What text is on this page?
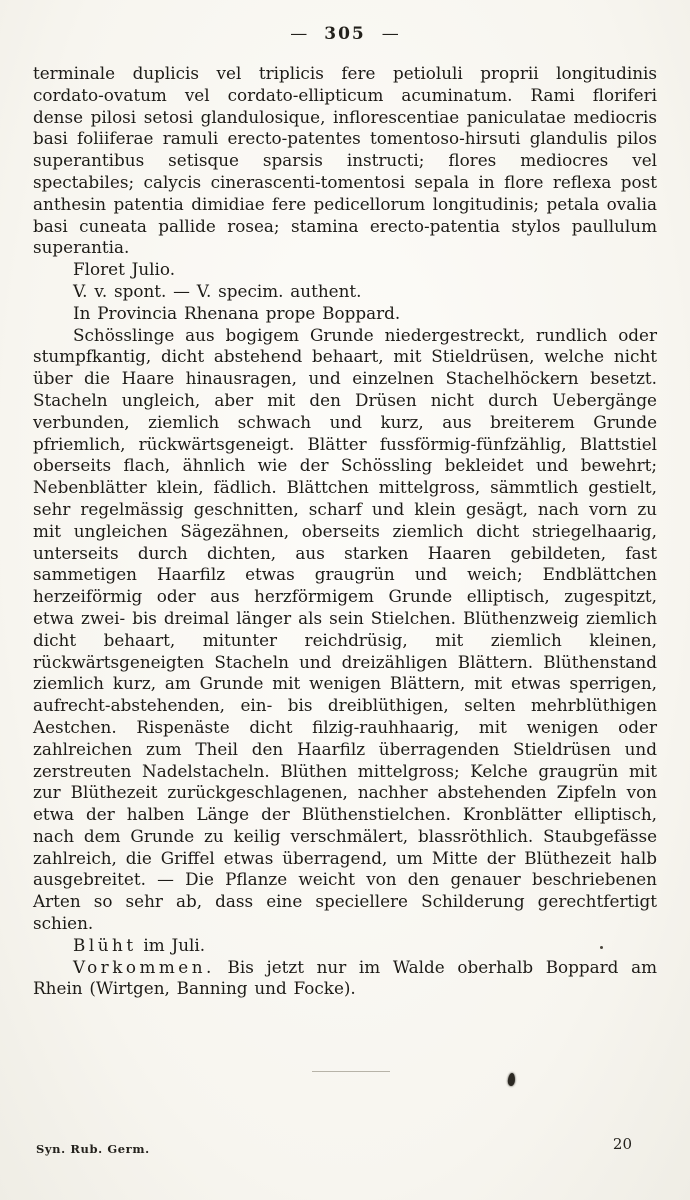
— 305 —

terminale duplicis vel triplicis fere petioluli proprii longitudinis cordato-ovatum vel cordato-ellipticum acuminatum. Rami floriferi dense pilosi setosi glandulosique, inflorescentiae paniculatae mediocris basi foliiferae ramuli erecto-patentes tomentoso-hirsuti glandulis pilos superantibus setisque sparsis instructi; flores mediocres vel spectabiles; calycis cinerascenti-tomentosi sepala in flore reflexa post anthesin patentia dimidiae fere pedicellorum longitudinis; petala ovalia basi cuneata pallide rosea; stamina erecto-patentia stylos paullulum superantia.

Floret Julio.

V. v. spont. — V. specim. authent.

In Provincia Rhenana prope Boppard.

Schösslinge aus bogigem Grunde niedergestreckt, rundlich oder stumpfkantig, dicht abstehend behaart, mit Stieldrüsen, welche nicht über die Haare hinausragen, und einzelnen Stachelhöckern besetzt. Stacheln ungleich, aber mit den Drüsen nicht durch Uebergänge verbunden, ziemlich schwach und kurz, aus breiterem Grunde pfriemlich, rückwärtsgeneigt. Blätter fussförmig-fünfzählig, Blattstiel oberseits flach, ähnlich wie der Schössling bekleidet und bewehrt; Nebenblätter klein, fädlich. Blättchen mittelgross, sämmtlich gestielt, sehr regelmässig geschnitten, scharf und klein gesägt, nach vorn zu mit ungleichen Sägezähnen, oberseits ziemlich dicht striegelhaarig, unterseits durch dichten, aus starken Haaren gebildeten, fast sammetigen Haarfilz etwas graugrün und weich; Endblättchen herzeiförmig oder aus herzförmigem Grunde elliptisch, zugespitzt, etwa zwei- bis dreimal länger als sein Stielchen. Blüthenzweig ziemlich dicht behaart, mitunter reichdrüsig, mit ziemlich kleinen, rückwärtsgeneigten Stacheln und dreizähligen Blättern. Blüthenstand ziemlich kurz, am Grunde mit wenigen Blättern, mit etwas sperrigen, aufrecht-abstehenden, ein- bis dreiblüthigen, selten mehrblüthigen Aestchen. Rispenäste dicht filzig-rauhhaarig, mit wenigen oder zahlreichen zum Theil den Haarfilz überragenden Stieldrüsen und zerstreuten Nadelstacheln. Blüthen mittelgross; Kelche graugrün mit zur Blüthezeit zurückgeschlagenen, nachher abstehenden Zipfeln von etwa der halben Länge der Blüthenstielchen. Kronblätter elliptisch, nach dem Grunde zu keilig verschmälert, blassröthlich. Staubgefässe zahlreich, die Griffel etwas überragend, um Mitte der Blüthezeit halb ausgebreitet. — Die Pflanze weicht von den genauer beschriebenen Arten so sehr ab, dass eine speciellere Schilderung gerechtfertigt schien.

Blüht im Juli.

Vorkommen. Bis jetzt nur im Walde oberhalb Boppard am Rhein (Wirtgen, Banning und Focke).

Syn. Rub. Germ.	20
